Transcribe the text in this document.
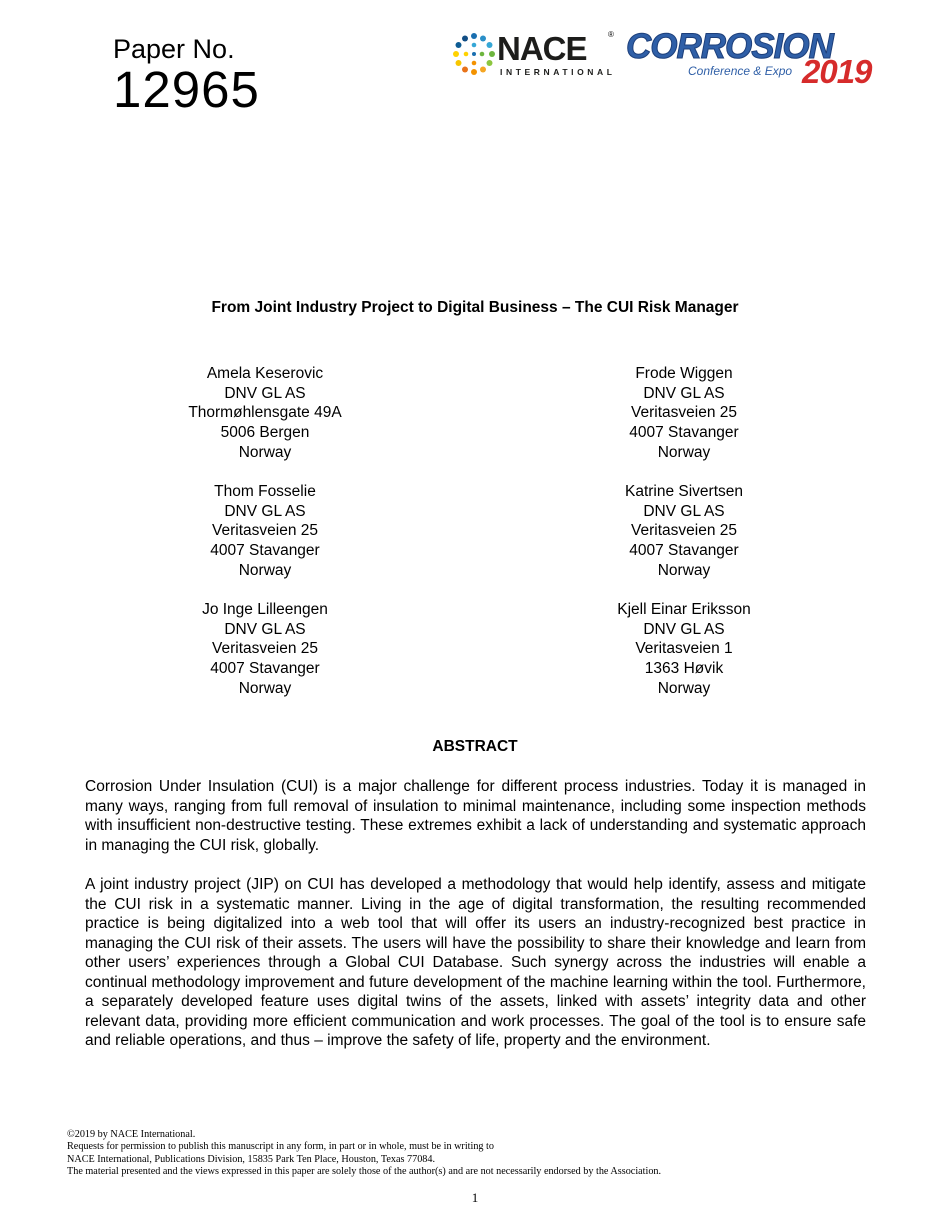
Paper No.
12965
NACE	®
INTERNATIONAL
CORROSION
Conference & Expo 2019
From Joint Industry Project to Digital Business – The CUI Risk Manager
Amela Keserovic
DNV GL AS
Thormøhlensgate 49A
5006 Bergen
Norway
Frode Wiggen
DNV GL AS
Veritasveien 25
4007 Stavanger
Norway
Thom Fosselie
DNV GL AS
Veritasveien 25
4007 Stavanger
Norway
Katrine Sivertsen
DNV GL AS
Veritasveien 25
4007 Stavanger
Norway
Jo Inge Lilleengen
DNV GL AS
Veritasveien 25
4007 Stavanger
Norway
Kjell Einar Eriksson
DNV GL AS
Veritasveien 1
1363 Høvik
Norway
ABSTRACT
Corrosion Under Insulation (CUI) is a major challenge for different process industries. Today it is managed in many ways, ranging from full removal of insulation to minimal maintenance, including some inspection methods with insufficient non-destructive testing. These extremes exhibit a lack of understanding and systematic approach in managing the CUI risk, globally.
A joint industry project (JIP) on CUI has developed a methodology that would help identify, assess and mitigate the CUI risk in a systematic manner. Living in the age of digital transformation, the resulting recommended practice is being digitalized into a web tool that will offer its users an industry-recognized best practice in managing the CUI risk of their assets. The users will have the possibility to share their knowledge and learn from other users’ experiences through a Global CUI Database. Such synergy across the industries will enable a continual methodology improvement and future development of the machine learning within the tool. Furthermore, a separately developed feature uses digital twins of the assets, linked with assets’ integrity data and other relevant data, providing more efficient communication and work processes. The goal of the tool is to ensure safe and reliable operations, and thus – improve the safety of life, property and the environment.
©2019 by NACE International.
Requests for permission to publish this manuscript in any form, in part or in whole, must be in writing to
NACE International, Publications Division, 15835 Park Ten Place, Houston, Texas 77084.
The material presented and the views expressed in this paper are solely those of the author(s) and are not necessarily endorsed by the Association.
1
